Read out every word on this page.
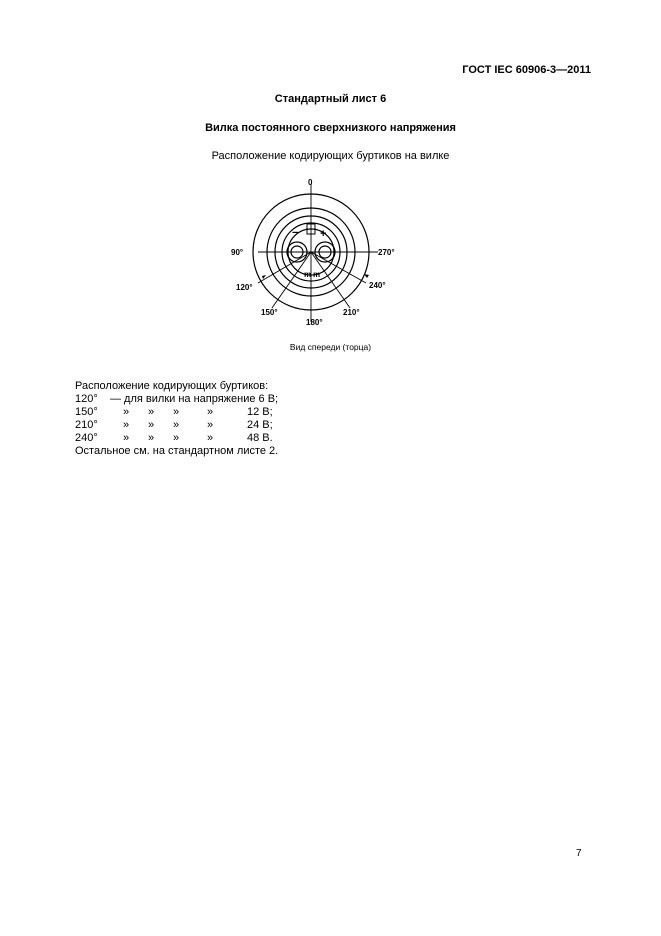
ГОСТ IEC 60906-3—2011
Стандартный лист 6
Вилка постоянного сверхнизкого напряжения
Расположение кодирующих буртиков на вилке
0
90°	270°
120°	240°
150°
180°
210°
− +
m m
Вид спереди (торца)
Расположение кодирующих буртиков:
120° — для вилки на напряжение 6 В;
150° » » »	»	12 В;
210° » » »	»	24 В;
240° » » »	»	48 В.
Остальное см. на стандартном листе 2.
7
